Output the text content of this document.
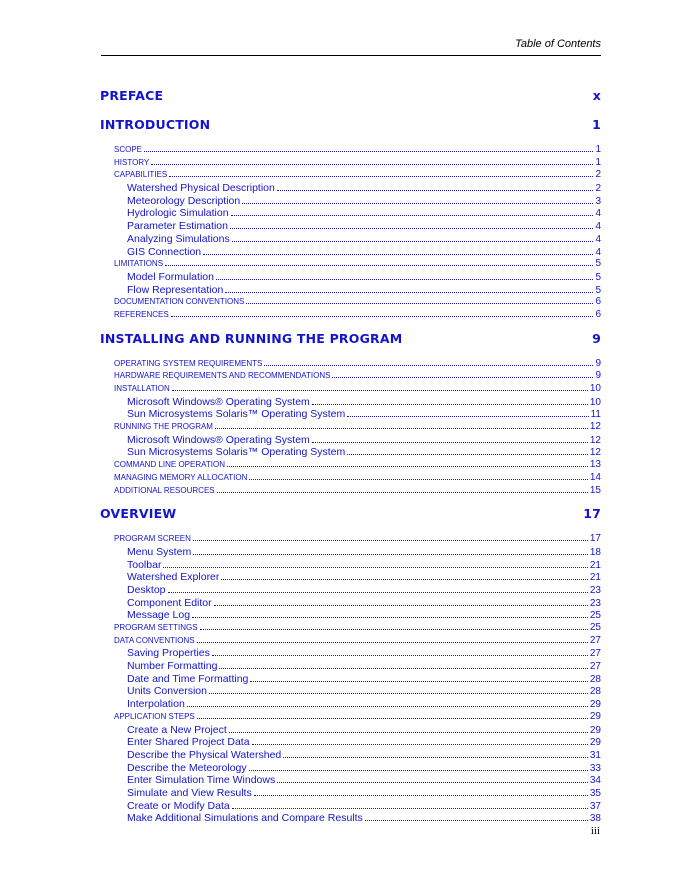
Table of Contents
PREFACE	x
INTRODUCTION	1
SCOPE	1
HISTORY	1
CAPABILITIES	2
Watershed Physical Description	2
Meteorology Description	3
Hydrologic Simulation	4
Parameter Estimation	4
Analyzing Simulations	4
GIS Connection	4
LIMITATIONS	5
Model Formulation	5
Flow Representation	5
DOCUMENTATION CONVENTIONS	6
REFERENCES	6
INSTALLING AND RUNNING THE PROGRAM	9
OPERATING SYSTEM REQUIREMENTS	9
HARDWARE REQUIREMENTS AND RECOMMENDATIONS	9
INSTALLATION	10
Microsoft Windows® Operating System	10
Sun Microsystems Solaris™ Operating System	11
RUNNING THE PROGRAM	12
Microsoft Windows® Operating System	12
Sun Microsystems Solaris™ Operating System	12
COMMAND LINE OPERATION	13
MANAGING MEMORY ALLOCATION	14
ADDITIONAL RESOURCES	15
OVERVIEW	17
PROGRAM SCREEN	17
Menu System	18
Toolbar	21
Watershed Explorer	21
Desktop	23
Component Editor	23
Message Log	25
PROGRAM SETTINGS	25
DATA CONVENTIONS	27
Saving Properties	27
Number Formatting	27
Date and Time Formatting	28
Units Conversion	28
Interpolation	29
APPLICATION STEPS	29
Create a New Project	29
Enter Shared Project Data	29
Describe the Physical Watershed	31
Describe the Meteorology	33
Enter Simulation Time Windows	34
Simulate and View Results	35
Create or Modify Data	37
Make Additional Simulations and Compare Results	38
iii
